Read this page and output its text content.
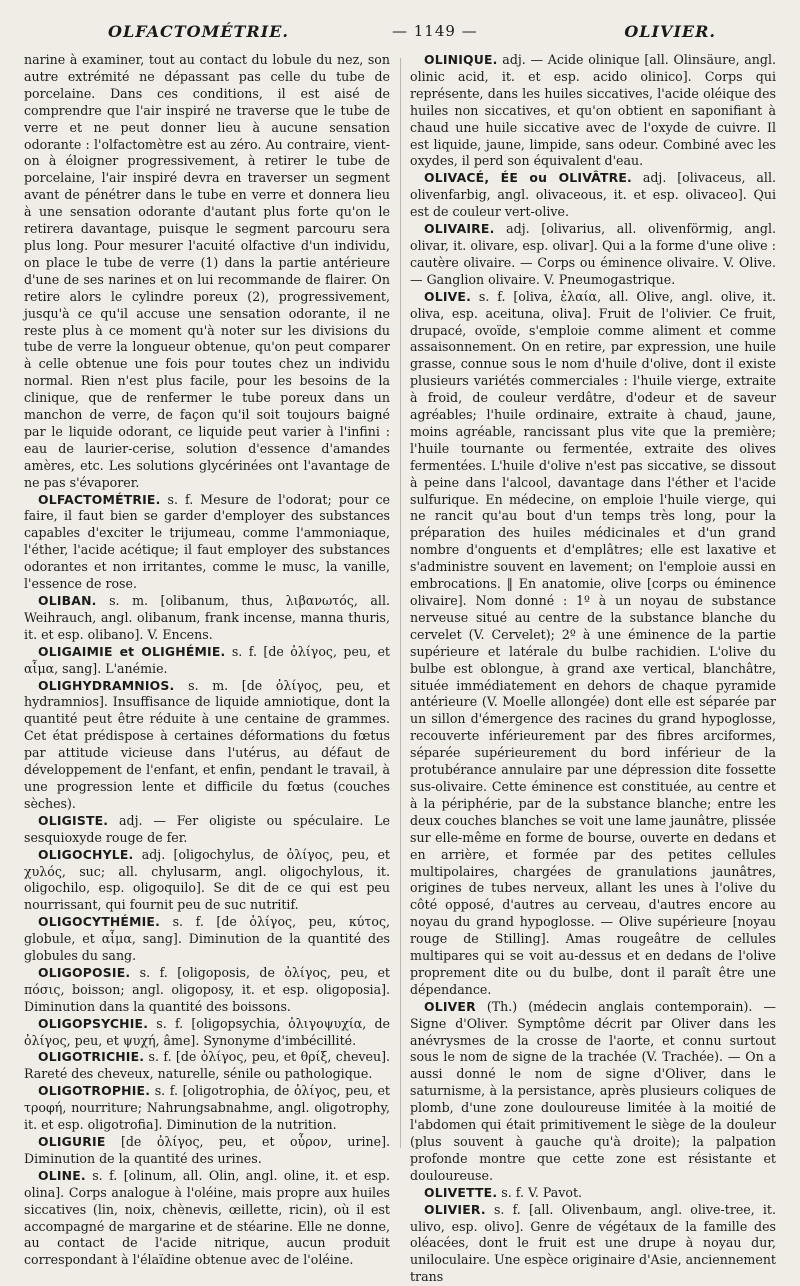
OLFACTOMÉTRIE.	— 1149 —	OLIVIER.

narine à examiner, tout au contact du lobule du nez, son autre extrémité ne dépassant pas celle du tube de porcelaine. Dans ces conditions, il est aisé de comprendre que l'air inspiré ne traverse que le tube de verre et ne peut donner lieu à aucune sensation odorante : l'olfactomètre est au zéro. Au contraire, vient-on à éloigner progressivement, à retirer le tube de porcelaine, l'air inspiré devra en traverser un segment avant de pénétrer dans le tube en verre et donnera lieu à une sensation odorante d'autant plus forte qu'on le retirera davantage, puisque le segment parcouru sera plus long. Pour mesurer l'acuité olfactive d'un individu, on place le tube de verre (1) dans la partie antérieure d'une de ses narines et on lui recommande de flairer. On retire alors le cylindre poreux (2), progressivement, jusqu'à ce qu'il accuse une sensation odorante, il ne reste plus à ce moment qu'à noter sur les divisions du tube de verre la longueur obtenue, qu'on peut comparer à celle obtenue une fois pour toutes chez un individu normal. Rien n'est plus facile, pour les besoins de la clinique, que de renfermer le tube poreux dans un manchon de verre, de façon qu'il soit toujours baigné par le liquide odorant, ce liquide peut varier à l'infini : eau de laurier-cerise, solution d'essence d'amandes amères, etc. Les solutions glycérinées ont l'avantage de ne pas s'évaporer.

OLFACTOMÉTRIE. s. f. Mesure de l'odorat; pour ce faire, il faut bien se garder d'employer des substances capables d'exciter le trijumeau, comme l'ammoniaque, l'éther, l'acide acétique; il faut employer des substances odorantes et non irritantes, comme le musc, la vanille, l'essence de rose.

OLIBAN. s. m. [olibanum, thus, λιβανωτός, all. Weihrauch, angl. olibanum, frank incense, manna thuris, it. et esp. olibano]. V. Encens.

OLIGAIMIE et OLIGHÉMIE. s. f. [de ὀλίγος, peu, et αἷμα, sang]. L'anémie.

OLIGHYDRAMNIOS. s. m. [de ὀλίγος, peu, et hydramnios]. Insuffisance de liquide amniotique, dont la quantité peut être réduite à une centaine de grammes. Cet état prédispose à certaines déformations du fœtus par attitude vicieuse dans l'utérus, au défaut de développement de l'enfant, et enfin, pendant le travail, à une progression lente et difficile du fœtus (couches sèches).

OLIGISTE. adj. — Fer oligiste ou spéculaire. Le sesquioxyde rouge de fer.

OLIGOCHYLE. adj. [oligochylus, de ὀλίγος, peu, et χυλός, suc; all. chylusarm, angl. oligochylous, it. oligochilo, esp. oligoquilo]. Se dit de ce qui est peu nourrissant, qui fournit peu de suc nutritif.

OLIGOCYTHÉMIE. s. f. [de ὀλίγος, peu, κύτος, globule, et αἷμα, sang]. Diminution de la quantité des globules du sang.

OLIGOPOSIE. s. f. [oligoposis, de ὀλίγος, peu, et πόσις, boisson; angl. oligoposy, it. et esp. oligoposia]. Diminution dans la quantité des boissons.

OLIGOPSYCHIE. s. f. [oligopsychia, ὀλιγοψυχία, de ὀλίγος, peu, et ψυχή, âme]. Synonyme d'imbécillité.

OLIGOTRICHIE. s. f. [de ὀλίγος, peu, et θρίξ, cheveu]. Rareté des cheveux, naturelle, sénile ou pathologique.

OLIGOTROPHIE. s. f. [oligotrophia, de ὀλίγος, peu, et τροφή, nourriture; Nahrungsabnahme, angl. oligotrophy, it. et esp. oligotrofia]. Diminution de la nutrition.

OLIGURIE [de ὀλίγος, peu, et οὖρον, urine]. Diminution de la quantité des urines.

OLINE. s. f. [olinum, all. Olin, angl. oline, it. et esp. olina]. Corps analogue à l'oléine, mais propre aux huiles siccatives (lin, noix, chènevis, œillette, ricin), où il est accompagné de margarine et de stéarine. Elle ne donne, au contact de l'acide nitrique, aucun produit correspondant à l'élaïdine obtenue avec de l'oléine.

OLINIQUE. adj. — Acide olinique [all. Olinsäure, angl. olinic acid, it. et esp. acido olinico]. Corps qui représente, dans les huiles siccatives, l'acide oléique des huiles non siccatives, et qu'on obtient en saponifiant à chaud une huile siccative avec de l'oxyde de cuivre. Il est liquide, jaune, limpide, sans odeur. Combiné avec les oxydes, il perd son équivalent d'eau.

OLIVACÉ, ÉE ou OLIVÂTRE. adj. [olivaceus, all. olivenfarbig, angl. olivaceous, it. et esp. olivaceo]. Qui est de couleur vert-olive.

OLIVAIRE. adj. [olivarius, all. olivenförmig, angl. olivar, it. olivare, esp. olivar]. Qui a la forme d'une olive : cautère olivaire. — Corps ou éminence olivaire. V. Olive. — Ganglion olivaire. V. Pneumogastrique.

OLIVE. s. f. [oliva, ἐλαία, all. Olive, angl. olive, it. oliva, esp. aceituna, oliva]. Fruit de l'olivier. Ce fruit, drupacé, ovoïde, s'emploie comme aliment et comme assaisonnement. On en retire, par expression, une huile grasse, connue sous le nom d'huile d'olive, dont il existe plusieurs variétés commerciales : l'huile vierge, extraite à froid, de couleur verdâtre, d'odeur et de saveur agréables; l'huile ordinaire, extraite à chaud, jaune, moins agréable, rancissant plus vite que la première; l'huile tournante ou fermentée, extraite des olives fermentées. L'huile d'olive n'est pas siccative, se dissout à peine dans l'alcool, davantage dans l'éther et l'acide sulfurique. En médecine, on emploie l'huile vierge, qui ne rancit qu'au bout d'un temps très long, pour la préparation des huiles médicinales et d'un grand nombre d'onguents et d'emplâtres; elle est laxative et s'administre souvent en lavement; on l'emploie aussi en embrocations. ‖ En anatomie, olive [corps ou éminence olivaire]. Nom donné : 1º à un noyau de substance nerveuse situé au centre de la substance blanche du cervelet (V. Cervelet); 2º à une éminence de la partie supérieure et latérale du bulbe rachidien. L'olive du bulbe est oblongue, à grand axe vertical, blanchâtre, située immédiatement en dehors de chaque pyramide antérieure (V. Moelle allongée) dont elle est séparée par un sillon d'émergence des racines du grand hypoglosse, recouverte inférieurement par des fibres arciformes, séparée supérieurement du bord inférieur de la protubérance annulaire par une dépression dite fossette sus-olivaire. Cette éminence est constituée, au centre et à la périphérie, par de la substance blanche; entre les deux couches blanches se voit une lame jaunâtre, plissée sur elle-même en forme de bourse, ouverte en dedans et en arrière, et formée par des petites cellules multipolaires, chargées de granulations jaunâtres, origines de tubes nerveux, allant les unes à l'olive du côté opposé, d'autres au cerveau, d'autres encore au noyau du grand hypoglosse. — Olive supérieure [noyau rouge de Stilling]. Amas rougeâtre de cellules multipares qui se voit au-dessus et en dedans de l'olive proprement dite ou du bulbe, dont il paraît être une dépendance.

OLIVER (Th.) (médecin anglais contemporain). — Signe d'Oliver. Symptôme décrit par Oliver dans les anévrysmes de la crosse de l'aorte, et connu surtout sous le nom de signe de la trachée (V. Trachée). — On a aussi donné le nom de signe d'Oliver, dans le saturnisme, à la persistance, après plusieurs coliques de plomb, d'une zone douloureuse limitée à la moitié de l'abdomen qui était primitivement le siège de la douleur (plus souvent à gauche qu'à droite); la palpation profonde montre que cette zone est résistante et douloureuse.

OLIVETTE. s. f. V. Pavot.

OLIVIER. s. f. [all. Olivenbaum, angl. olive-tree, it. ulivo, esp. olivo]. Genre de végétaux de la famille des oléacées, dont le fruit est une drupe à noyau dur, uniloculaire. Une espèce originaire d'Asie, anciennement trans
